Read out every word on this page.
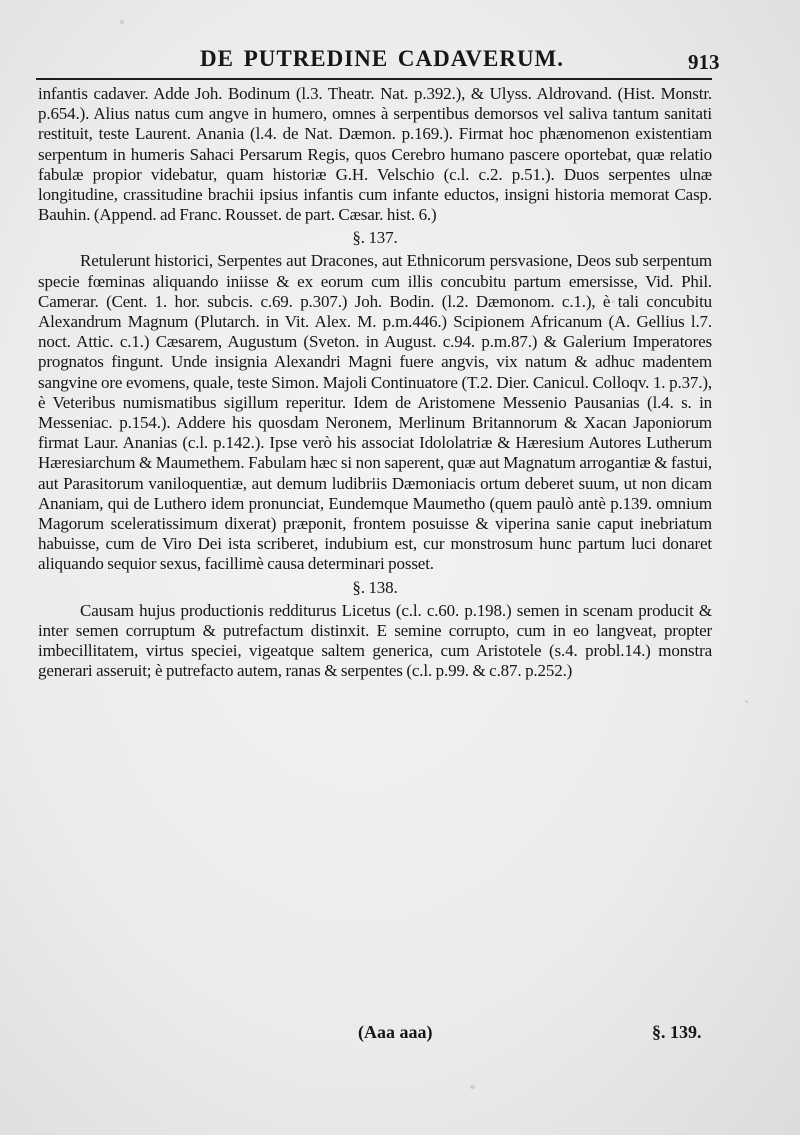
DE PUTREDINE CADAVERUM.	913

infantis cadaver. Adde Joh. Bodinum (l.3. Theatr. Nat. p.392.), & Ulyss. Aldrovand. (Hist. Monstr. p.654.). Alius natus cum angve in humero, omnes à serpentibus demorsos vel saliva tantum sanitati restituit, teste Laurent. Anania (l.4. de Nat. Dæmon. p.169.). Firmat hoc phænomenon existentiam serpentum in humeris Sahaci Persarum Regis, quos Cerebro humano pascere oportebat, quæ relatio fabulæ propior videbatur, quam historiæ G.H. Velschio (c.l. c.2. p.51.). Duos serpentes ulnæ longitudine, crassitudine brachii ipsius infantis cum infante eductos, insigni historia memorat Casp. Bauhin. (Append. ad Franc. Rousset. de part. Cæsar. hist. 6.)

§. 137.

Retulerunt historici, Serpentes aut Dracones, aut Ethnicorum persvasione, Deos sub serpentum specie fœminas aliquando iniisse & ex eorum cum illis concubitu partum emersisse, Vid. Phil. Camerar. (Cent. 1. hor. subcis. c.69. p.307.) Joh. Bodin. (l.2. Dæmonom. c.1.), è tali concubitu Alexandrum Magnum (Plutarch. in Vit. Alex. M. p.m.446.) Scipionem Africanum (A. Gellius l.7. noct. Attic. c.1.) Cæsarem, Augustum (Sveton. in August. c.94. p.m.87.) & Galerium Imperatores prognatos fingunt. Unde insignia Alexandri Magni fuere angvis, vix natum & adhuc madentem sangvine ore evomens, quale, teste Simon. Majoli Continuatore (T.2. Dier. Canicul. Colloqv. 1. p.37.), è Veteribus numismatibus sigillum reperitur. Idem de Aristomene Messenio Pausanias (l.4. s. in Messeniac. p.154.). Addere his quosdam Neronem, Merlinum Britannorum & Xacan Japoniorum firmat Laur. Ananias (c.l. p.142.). Ipse verò his associat Idololatriæ & Hæresium Autores Lutherum Hæresiarchum & Maumethem. Fabulam hæc si non saperent, quæ aut Magnatum arrogantiæ & fastui, aut Parasitorum vaniloquentiæ, aut demum ludibriis Dæmoniacis ortum deberet suum, ut non dicam Ananiam, qui de Luthero idem pronunciat, Eundemque Maumetho (quem paulò antè p.139. omnium Magorum sceleratissimum dixerat) præponit, frontem posuisse & viperina sanie caput inebriatum habuisse, cum de Viro Dei ista scriberet, indubium est, cur monstrosum hunc partum luci donaret aliquando sequior sexus, facillimè causa determinari posset.

§. 138.

Causam hujus productionis redditurus Licetus (c.l. c.60. p.198.) semen in scenam producit & inter semen corruptum & putrefactum distinxit. E semine corrupto, cum in eo langveat, propter imbecillitatem, virtus speciei, vigeatque saltem generica, cum Aristotele (s.4. probl.14.) monstra generari asseruit; è putrefacto autem, ranas & serpentes (c.l. p.99. & c.87. p.252.)

(Aaa aaa)	§. 139.
